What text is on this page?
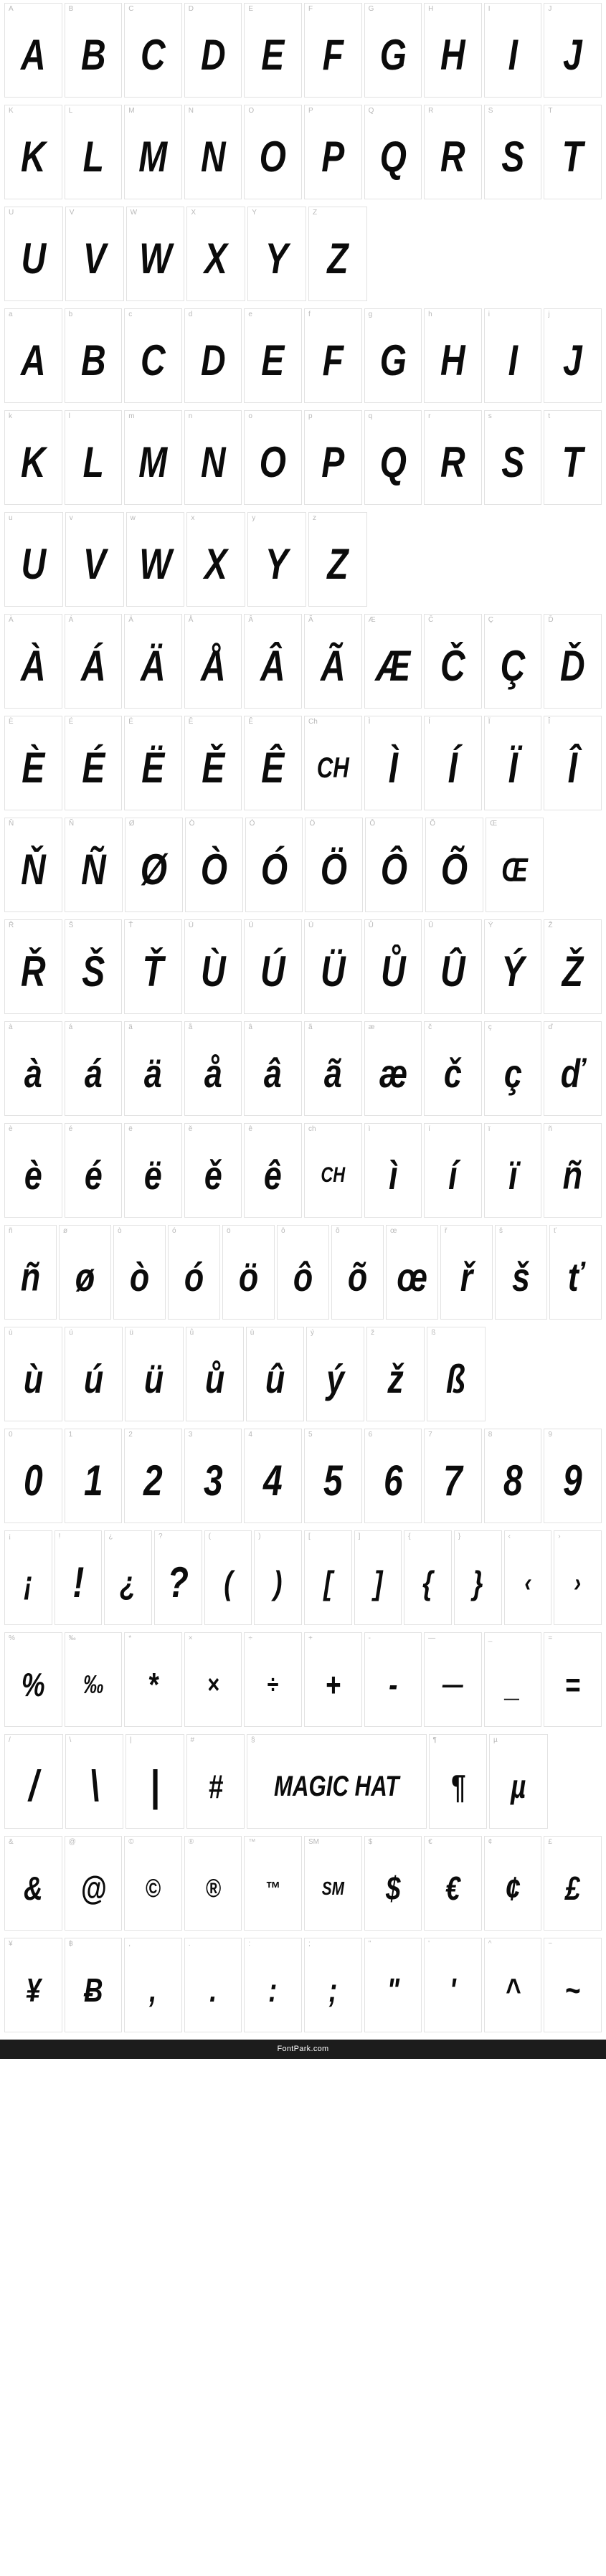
A
A
B
B
C
C
D
D
E
E
F
F
G
G
H
H
I
I
J
J
K
K
L
L
M
M
N
N
O
O
P
P
Q
Q
R
R
S
S
T
T
U
U
V
V
W
W
X
X
Y
Y
Z
Z
a
A
b
B
c
C
d
D
e
E
f
F
g
G
h
H
i
I
j
J
k
K
l
L
m
M
n
N
o
O
p
P
q
Q
r
R
s
S
t
T
u
U
v
V
w
W
x
X
y
Y
z
Z
À
À
Á
Á
Ä
Ä
Å
Å
Â
Â
Ã
Ã
Æ
Æ
Č
Č
Ç
Ç
Ď
Ď
È
È
É
É
Ë
Ë
Ě
Ě
Ê
Ê
Ch
CH
Ì
Ì
Í
Í
Ï
Ï
Î
Î
Ň
Ň
Ñ
Ñ
Ø
Ø
Ò
Ò
Ó
Ó
Ö
Ö
Ô
Ô
Õ
Õ
Œ
Œ
Ř
Ř
Š
Š
Ť
Ť
Ù
Ù
Ú
Ú
Ü
Ü
Ů
Ů
Û
Û
Ý
Ý
Ž
Ž
à
à
á
á
ä
ä
å
å
â
â
ã
ã
æ
æ
č
č
ç
ç
ď
ď
è
è
é
é
ë
ë
ě
ě
ê
ê
ch
CH
ì
ì
í
í
ï
ï
ñ
ñ
ñ
ñ
ø
ø
ò
ò
ó
ó
ö
ö
ô
ô
õ
õ
œ
œ
ř
ř
š
š
ť
ť
ù
ù
ú
ú
ü
ü
ů
ů
û
û
ý
ý
ž
ž
ß
ß
0
0
1
1
2
2
3
3
4
4
5
5
6
6
7
7
8
8
9
9
¡
¡
!
!
¿
¿
?
?
(
(
)
)
[
[
]
]
{
{
}
}
‹
‹
›
›
%
%
‰
‰
*
*
×
×
÷
÷
+
+
-
-
—
—
_
_
=
=
/
/
\
\
|
|
#
#
§
MAGIC HAT
¶
¶
µ
µ
&
&
@
@
©
©
®
®
™
™
SM
SM
$
$
€
€
¢
¢
£
£
¥
¥
฿
Ƀ
,
,
.
.
:
:
;
;
"
"
'
'
^
^
~
~
FontPark.com
